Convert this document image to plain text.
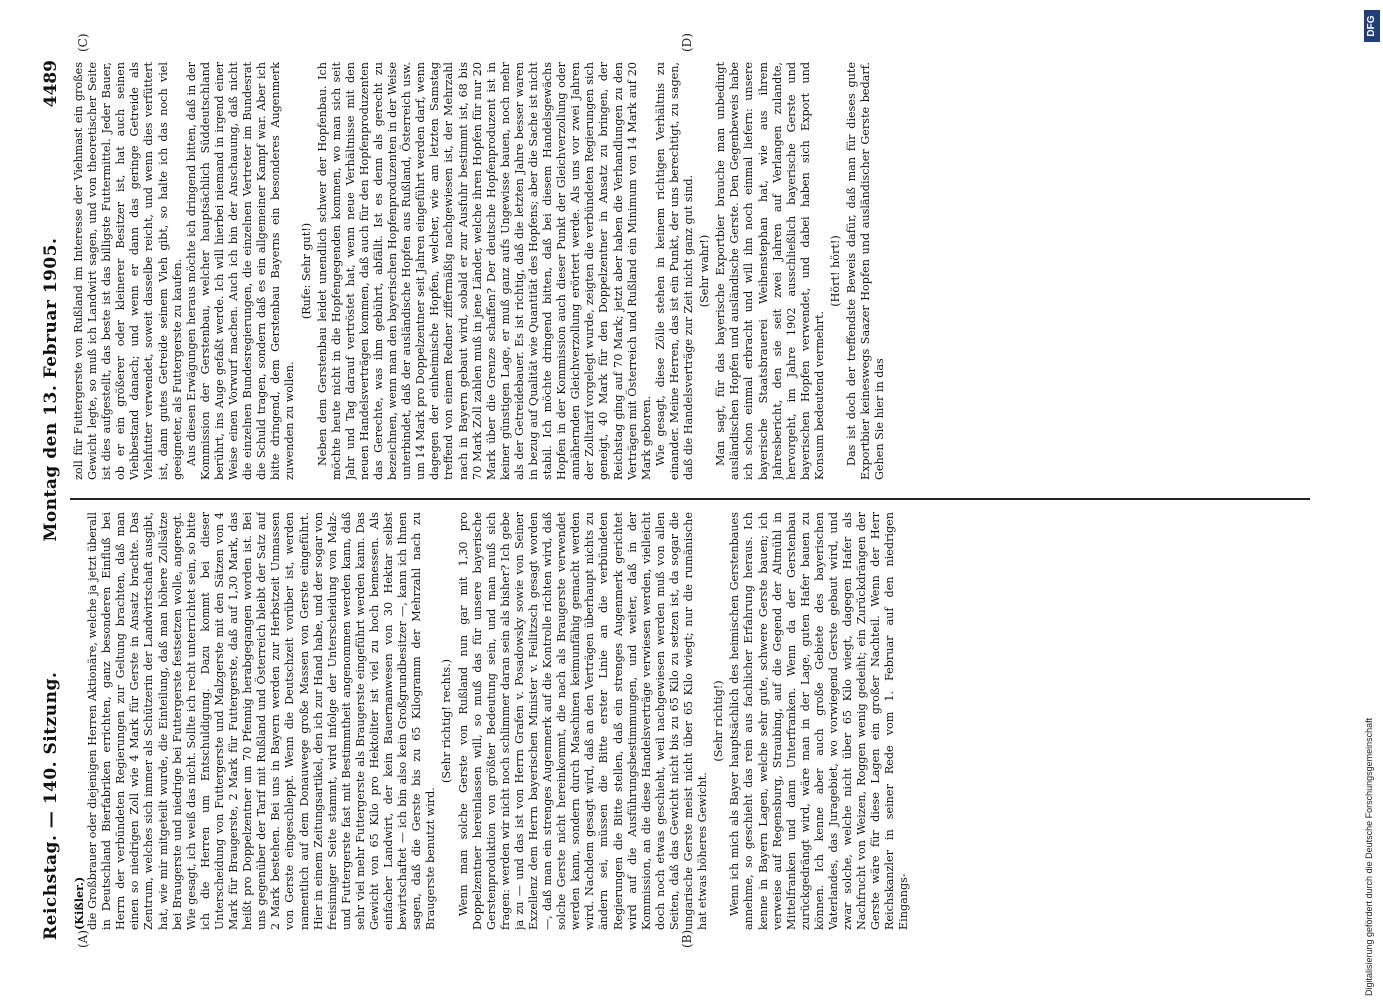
Reichstag. — 140. Sitzung.
Montag den 13. Februar 1905.
4489
(A)	(B)
(C)	(D)

(Kißler.) die Großbrauer oder diejenigen Herren Aktionäre, welche ja jetzt überall in Deutschland Bierfabriken errichten, ganz besonderen Einfluß bei Herrn der verbündeten Regierungen zur Geltung brachten, daß man einen so niedrigen Zoll wie 4 Mark für Gerste in Ansatz brachte. Das Zentrum, welches sich immer als Schützerin der Landwirtschaft ausgibt, hat, wie mir mitgeteilt wurde, die Einteilung, daß man höhere Zollsätze bei Braugerste und niedrige bei Futtergerste festsetzen wolle, angeregt. Wie gesagt, ich weiß das nicht. Sollte ich recht unterrichtet sein, so bitte ich die Herren um Entschuldigung. Dazu kommt bei dieser Unterscheidung von Futtergerste und Malzgerste mit den Sätzen von 4 Mark für Braugerste, 2 Mark für Futtergerste, daß auf 1,30 Mark, das heißt pro Doppelzentner um 70 Pfennig herabgegangen worden ist. Bei uns gegenüber der Tarif mit Rußland und Österreich bleibt der Satz auf 2 Mark bestehen. Bei uns in Bayern werden zur Herbstzeit Unmassen von Gerste eingeschleppt. Wenn die Deutschzeit vorüber ist, werden namentlich auf dem Donauwege große Massen von Gerste eingeführt. Hier in einem Zeitungsartikel, den ich zur Hand habe, und der sogar von freisinniger Seite stammt, wird infolge der Unterscheidung von Malz- und Futtergerste fast mit Bestimmtheit angenommen werden kann, daß sehr viel mehr Futtergerste als Braugerste eingeführt werden kann. Das Gewicht von 65 Kilo pro Hektoliter ist viel zu hoch bemessen. Als einfacher Landwirt, der kein Bauernanwesen von 30 Hektar selbst bewirtschaftet — ich bin also kein Großgrundbesitzer —, kann ich Ihnen sagen, daß die Gerste bis zu 65 Kilogramm der Mehrzahl nach zu Braugerste benutzt wird.

(Sehr richtig! rechts.) Wenn man solche Gerste von Rußland nun gar mit 1,30 pro Doppelzentner hereinlassen will, so muß das für unsere bayerische Gerstenproduktion von größter Bedeutung sein, und man muß sich fragen: werden wir nicht noch schlimmer daran sein als bisher? Ich gebe ja zu — und das ist von Herrn Grafen v. Posadowsky sowie von Seiner Exzellenz dem Herrn bayerischen Minister v. Feilitzsch gesagt worden —, daß man ein strenges Augenmerk auf die Kontrolle richten wird, daß solche Gerste nicht hereinkommt, die nach als Braugerste verwendet werden kann, sondern durch Maschinen keimunfähig gemacht werden wird. Nachdem gesagt wird, daß an den Verträgen überhaupt nichts zu ändern sei, müssen die Bitte erster Linie an die verbündeten Regierungen die Bitte stellen, daß ein strenges Augenmerk gerichtet wird auf die Ausführungsbestimmungen, und weiter, daß in der Kommission, an die diese Handelsverträge verwiesen werden, vielleicht doch noch etwas geschieht, weil nachgewiesen werden muß von allen Seiten, daß das Gewicht nicht bis zu 65 Kilo zu setzen ist, da sogar die ungarische Gerste meist nicht über 65 Kilo wiegt; nur die rumänische hat etwas höheres Gewicht.

(Sehr richtig!) Wenn ich mich als Bayer hauptsächlich des heimischen Gerstenbaues annehme, so geschieht das rein aus fachlicher Erfahrung heraus. Ich kenne in Bayern Lagen, welche sehr gute, schwere Gerste bauen; ich verweise auf Regensburg, Straubing, auf die Gegend der Altmühl in Mittelfranken und dann Unterfranken. Wenn da der Gerstenbau zurückgedrängt wird, wäre man in der Lage, guten Hafer bauen zu können. Ich kenne aber auch große Gebiete des bayerischen Vaterlandes, das Juragebiet, wo vorwiegend Gerste gebaut wird, und zwar solche, welche nicht über 65 Kilo wiegt, dagegen Hafer als Nachfrucht von Weizen, Roggen wenig gedeiht; ein Zurückdrängen der Gerste wäre für diese Lagen ein großer Nachteil. Wenn der Herr Reichskanzler in seiner Rede vom 1. Februar auf den niedrigen Eingangs-

zoll für Futtergerste von Rußland im Interesse der Viehmast ein großes Gewicht legte, so muß ich Landwirt sagen, und von theoretischer Seite ist dies aufgestellt, das beste ist das billigste Futtermittel. Jeder Bauer, ob er ein größerer oder kleinerer Besitzer ist, hat auch seinen Viehbestand danach; und wenn er dann das geringe Getreide als Viehfutter verwendet, soweit dasselbe reicht, und wenn dies verfüttert ist, dann gutes Getreide seinem Vieh gibt, so halte ich das noch viel geeigneter, als Futtergerste zu kaufen. Aus diesen Erwägungen heraus möchte ich dringend bitten, daß in der Kommission der Gerstenbau, welcher hauptsächlich Süddeutschland berührt, ins Auge gefaßt werde. Ich will hierbei niemand in irgend einer Weise einen Vorwurf machen. Auch ich bin der Anschauung, daß nicht die einzelnen Bundesregierungen, die einzelnen Vertreter im Bundesrat die Schuld tragen, sondern daß es ein allgemeiner Kampf war. Aber ich bitte dringend, dem Gerstenbau Bayerns ein besonderes Augenmerk zuwenden zu wollen.

(Rufe: Sehr gut!) Neben dem Gerstenbau leidet unendlich schwer der Hopfenbau. Ich möchte heute nicht in die Hopfengegenden kommen, wo man sich seit Jahr und Tag darauf vertröstet hat, wenn neue Verhältnisse mit den neuen Handelsverträgen kommen, daß auch für den Hopfenproduzenten das Gerechte, was ihm gebührt, abfällt. Ist es denn als gerecht zu bezeichnen, wenn man den bayerischen Hopfenproduzenten in der Weise unterbindet, daß der ausländische Hopfen aus Rußland, Österreich usw. um 14 Mark pro Doppelzentner seit Jahren eingeführt werden darf, wenn dagegen der einheimische Hopfen, welcher, wie am letzten Samstag treffend von einem Redner ziffermäßig nachgewiesen ist, der Mehrzahl nach in Bayern gebaut wird, sobald er zur Ausfuhr bestimmt ist, 68 bis 70 Mark Zoll zahlen muß in jene Länder, welche ihren Hopfen für nur 20 Mark über die Grenze schaffen? Der deutsche Hopfenproduzent ist in keiner günstigen Lage, er muß ganz aufs Ungewisse bauen, noch mehr als der Getreidebauer. Es ist richtig, daß die letzten Jahre besser waren in bezug auf Qualität wie Quantität des Hopfens; aber die Sache ist nicht stabil. Ich möchte dringend bitten, daß bei diesem Handelsgewächs Hopfen in der Kommission auch dieser Punkt der Gleichverzollung oder annähernden Gleichverzollung erörtert werde. Als uns vor zwei Jahren der Zolltarif vorgelegt wurde, zeigten die verbündeten Regierungen sich geneigt, 40 Mark für den Doppelzentner in Ansatz zu bringen, der Reichstag ging auf 70 Mark; jetzt aber haben die Verhandlungen zu den Verträgen mit Österreich und Rußland ein Minimum von 14 Mark auf 20 Mark geboren. Wie gesagt, diese Zölle stehen in keinem richtigen Verhältnis zu einander. Meine Herren, das ist ein Punkt, der uns berechtigt, zu sagen, daß die Handelsverträge zur Zeit nicht ganz gut sind. (Sehr wahr!) Man sagt, für das bayerische Exportbier brauche man unbedingt ausländischen Hopfen und ausländische Gerste. Den Gegenbeweis habe ich schon einmal erbracht und will ihn noch einmal liefern: unsere bayerische Staatsbrauerei Weihenstephan hat, wie aus ihrem Jahresbericht, den sie seit zwei Jahren auf Verlangen zulandte, hervorgeht, im Jahre 1902 ausschließlich bayerische Gerste und bayerischen Hopfen verwendet, und dabei haben sich Export und Konsum bedeutend vermehrt.

(Hört! hört!) Das ist doch der treffendste Beweis dafür, daß man für dieses gute Exportbier keineswegs Saazer Hopfen und ausländischer Gerste bedarf. Gehen Sie hier in das

DFG
Digitalisierung gefördert durch die Deutsche Forschungsgemeinschaft
